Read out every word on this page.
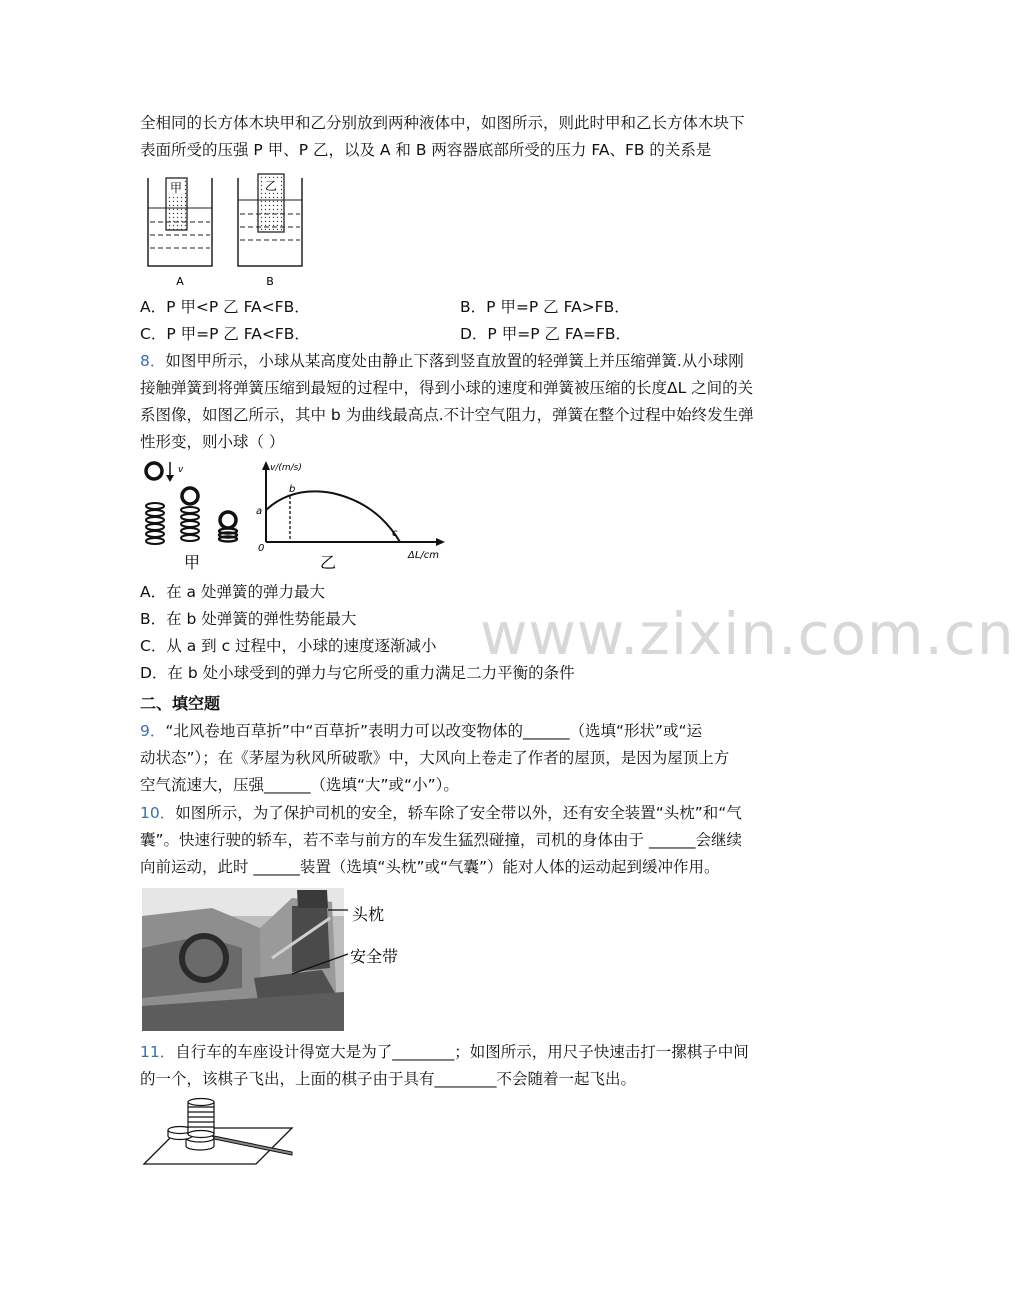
全相同的长方体木块甲和乙分别放到两种液体中，如图所示，则此时甲和乙长方体木块下
表面所受的压强 P 甲、P 乙，以及 A 和 B 两容器底部所受的压力 FA、FB 的关系是
甲	乙
A	B
A．P 甲<P 乙 FA<FB．	B．P 甲=P 乙 FA>FB．
C．P 甲=P 乙 FA<FB．	D．P 甲=P 乙 FA=FB．
8．如图甲所示，小球从某高度处由静止下落到竖直放置的轻弹簧上并压缩弹簧.从小球刚
接触弹簧到将弹簧压缩到最短的过程中，得到小球的速度和弹簧被压缩的长度ΔL 之间的关
系图像，如图乙所示，其中 b 为曲线最高点.不计空气阻力，弹簧在整个过程中始终发生弹
性形变，则小球（ ）
v
甲
v/(m/s)
ΔL/cm
a
b
c
0
乙
A．在 a 处弹簧的弹力最大
B．在 b 处弹簧的弹性势能最大
C．从 a 到 c 过程中，小球的速度逐渐减小
D．在 b 处小球受到的弹力与它所受的重力满足二力平衡的条件
www.zixin.com.cn
二、填空题
9．“北风卷地百草折”中“百草折”表明力可以改变物体的______（选填“形状”或“运
动状态”）；在《茅屋为秋风所破歌》中，大风向上卷走了作者的屋顶，是因为屋顶上方
空气流速大，压强______（选填“大”或“小”）。
10．如图所示，为了保护司机的安全，轿车除了安全带以外，还有安全装置“头枕”和“气
囊”。快速行驶的轿车，若不幸与前方的车发生猛烈碰撞，司机的身体由于 ______会继续
向前运动，此时 ______装置（选填“头枕”或“气囊”）能对人体的运动起到缓冲作用。
头枕
安全带
11．自行车的车座设计得宽大是为了________；如图所示，用尺子快速击打一摞棋子中间
的一个，该棋子飞出，上面的棋子由于具有________不会随着一起飞出。
